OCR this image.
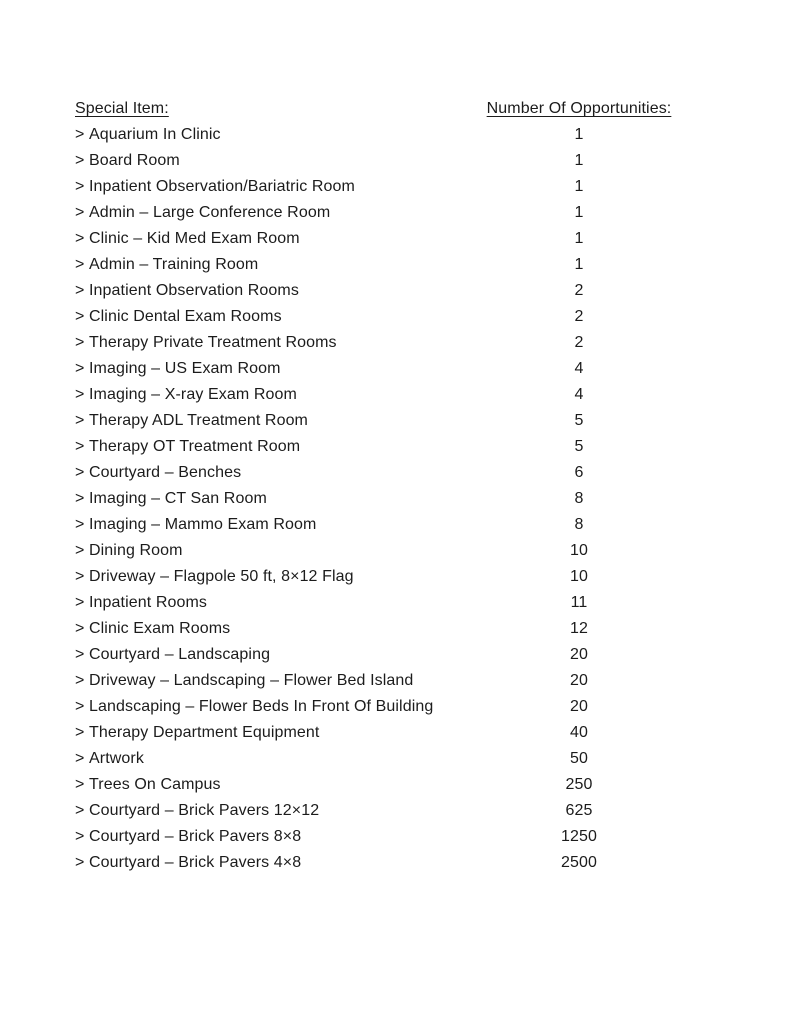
Special Item:	Number Of Opportunities:
> Aquarium In Clinic	1
> Board Room	1
> Inpatient Observation/Bariatric Room	1
> Admin – Large Conference Room	1
> Clinic – Kid Med Exam Room	1
> Admin – Training Room	1
> Inpatient Observation Rooms	2
> Clinic Dental Exam Rooms	2
> Therapy Private Treatment Rooms	2
> Imaging – US Exam Room	4
> Imaging – X-ray Exam Room	4
> Therapy ADL Treatment Room	5
> Therapy OT Treatment Room	5
> Courtyard – Benches	6
> Imaging – CT San Room	8
> Imaging – Mammo Exam Room	8
> Dining Room	10
> Driveway – Flagpole 50 ft, 8×12 Flag	10
> Inpatient Rooms	11
> Clinic Exam Rooms	12
> Courtyard – Landscaping	20
> Driveway – Landscaping – Flower Bed Island	20
> Landscaping – Flower Beds In Front Of Building	20
> Therapy Department Equipment	40
> Artwork	50
> Trees On Campus	250
> Courtyard – Brick Pavers 12×12	625
> Courtyard – Brick Pavers 8×8	1250
> Courtyard – Brick Pavers 4×8	2500
